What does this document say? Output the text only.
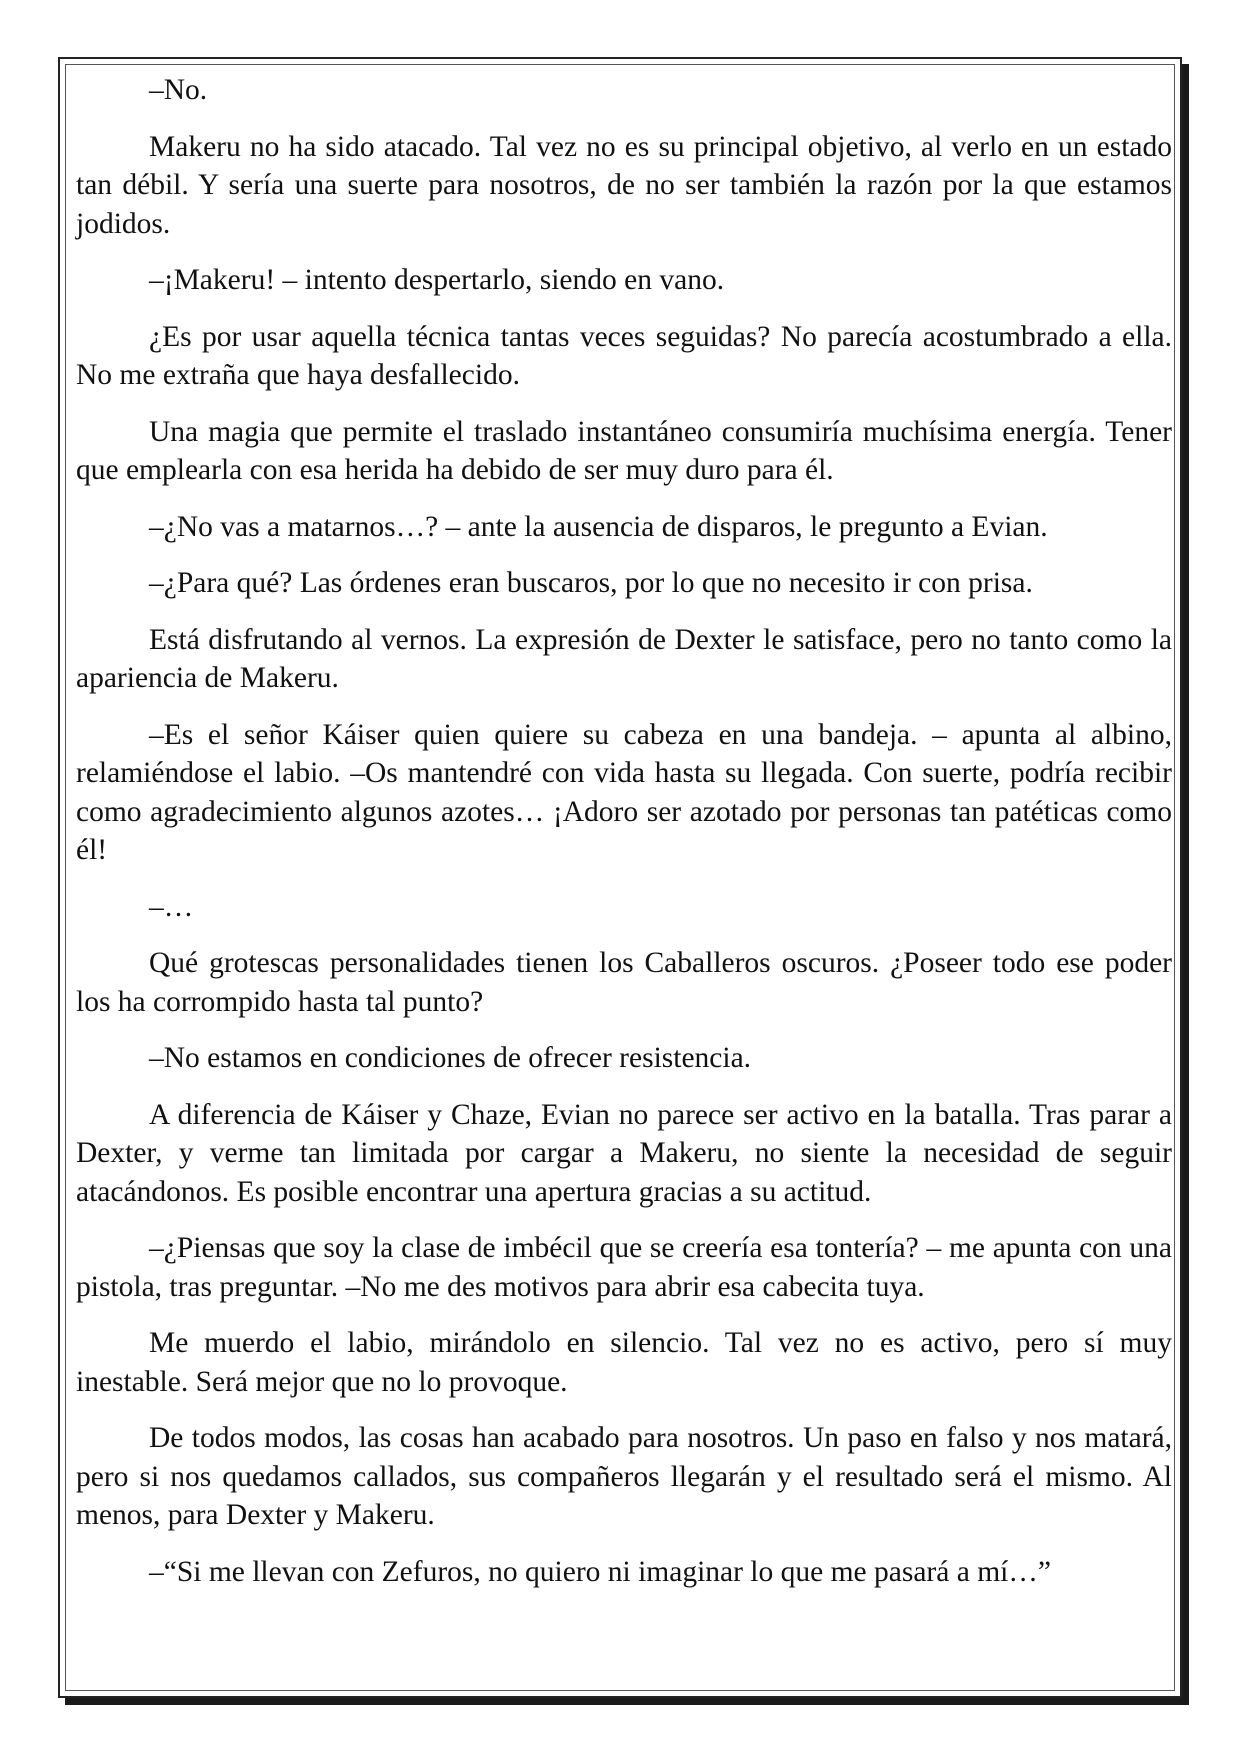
–No.

Makeru no ha sido atacado. Tal vez no es su principal objetivo, al verlo en un estado tan débil. Y sería una suerte para nosotros, de no ser también la razón por la que estamos jodidos.

–¡Makeru! – intento despertarlo, siendo en vano.

¿Es por usar aquella técnica tantas veces seguidas? No parecía acostumbrado a ella. No me extraña que haya desfallecido.

Una magia que permite el traslado instantáneo consumiría muchísima energía. Tener que emplearla con esa herida ha debido de ser muy duro para él.

–¿No vas a matarnos…? – ante la ausencia de disparos, le pregunto a Evian.

–¿Para qué? Las órdenes eran buscaros, por lo que no necesito ir con prisa.

Está disfrutando al vernos. La expresión de Dexter le satisface, pero no tanto como la apariencia de Makeru.

–Es el señor Káiser quien quiere su cabeza en una bandeja. – apunta al albino, relamiéndose el labio. –Os mantendré con vida hasta su llegada. Con suerte, podría recibir como agradecimiento algunos azotes… ¡Adoro ser azotado por personas tan patéticas como él!

–…

Qué grotescas personalidades tienen los Caballeros oscuros. ¿Poseer todo ese poder los ha corrompido hasta tal punto?

–No estamos en condiciones de ofrecer resistencia.

A diferencia de Káiser y Chaze, Evian no parece ser activo en la batalla. Tras parar a Dexter, y verme tan limitada por cargar a Makeru, no siente la necesidad de seguir atacándonos. Es posible encontrar una apertura gracias a su actitud.

–¿Piensas que soy la clase de imbécil que se creería esa tontería? – me apunta con una pistola, tras preguntar. –No me des motivos para abrir esa cabecita tuya.

Me muerdo el labio, mirándolo en silencio. Tal vez no es activo, pero sí muy inestable. Será mejor que no lo provoque.

De todos modos, las cosas han acabado para nosotros. Un paso en falso y nos matará, pero si nos quedamos callados, sus compañeros llegarán y el resultado será el mismo. Al menos, para Dexter y Makeru.

–“Si me llevan con Zefuros, no quiero ni imaginar lo que me pasará a mí…”
